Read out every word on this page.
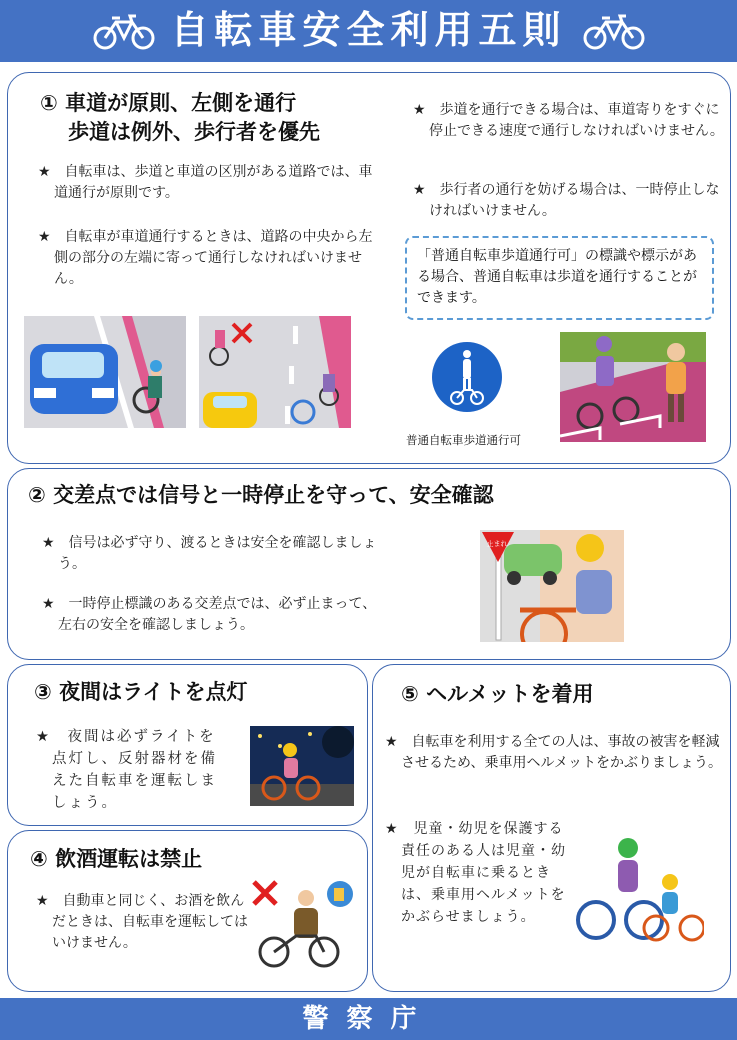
自転車安全利用五則
① 車道が原則、左側を通行
歩道は例外、歩行者を優先
★　自転車は、歩道と車道の区別がある道路では、車道通行が原則です。
★　自転車が車道通行するときは、道路の中央から左側の部分の左端に寄って通行しなければいけません。
★　歩道を通行できる場合は、車道寄りをすぐに停止できる速度で通行しなければいけません。
★　歩行者の通行を妨げる場合は、一時停止しなければいけません。
「普通自転車歩道通行可」の標識や標示がある場合、普通自転車は歩道を通行することができます。
普通自転車歩道通行可
② 交差点では信号と一時停止を守って、安全確認
★　信号は必ず守り、渡るときは安全を確認しましょう。
★　一時停止標識のある交差点では、必ず止まって、左右の安全を確認しましょう。
止まれ
③ 夜間はライトを点灯
★　夜間は必ずライトを点灯し、反射器材を備えた自転車を運転しましょう。
④ 飲酒運転は禁止
★　自動車と同じく、お酒を飲んだときは、自転車を運転してはいけません。
⑤ ヘルメットを着用
★　自転車を利用する全ての人は、事故の被害を軽減させるため、乗車用ヘルメットをかぶりましょう。
★　児童・幼児を保護する責任のある人は児童・幼児が自転車に乗るときは、乗車用ヘルメットをかぶらせましょう。
警察庁
